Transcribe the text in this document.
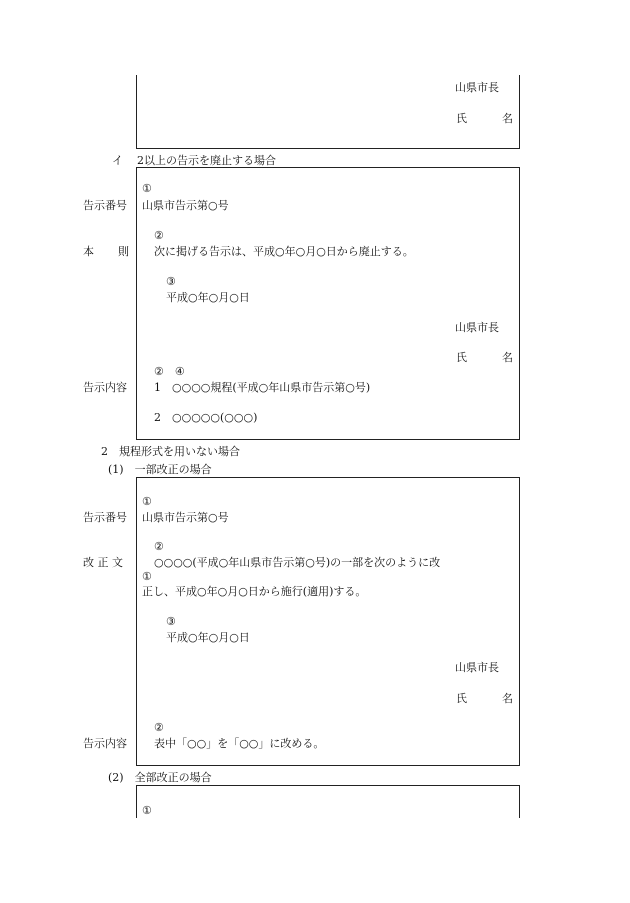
山県市長
氏	名
イ 2以上の告示を廃止する場合
①
告示番号 山県市告示第○号
②
本 則 次に掲げる告示は、平成○年○月○日から廃止する。
③
平成○年○月○日
山県市長
氏	名
②　④
告示内容 1　○○○○規程(平成○年山県市告示第○号)
2　○○○○○(○○○)
2　規程形式を用いない場合
(1)　一部改正の場合
①
告示番号 山県市告示第○号
②
改 正 文	○○○○(平成○年山県市告示第○号)の一部を次のように改
①
正し、平成○年○月○日から施行(適用)する。
③
平成○年○月○日
山県市長
氏	名
②
告示内容 表中「○○」を「○○」に改める。
(2)　全部改正の場合
①
